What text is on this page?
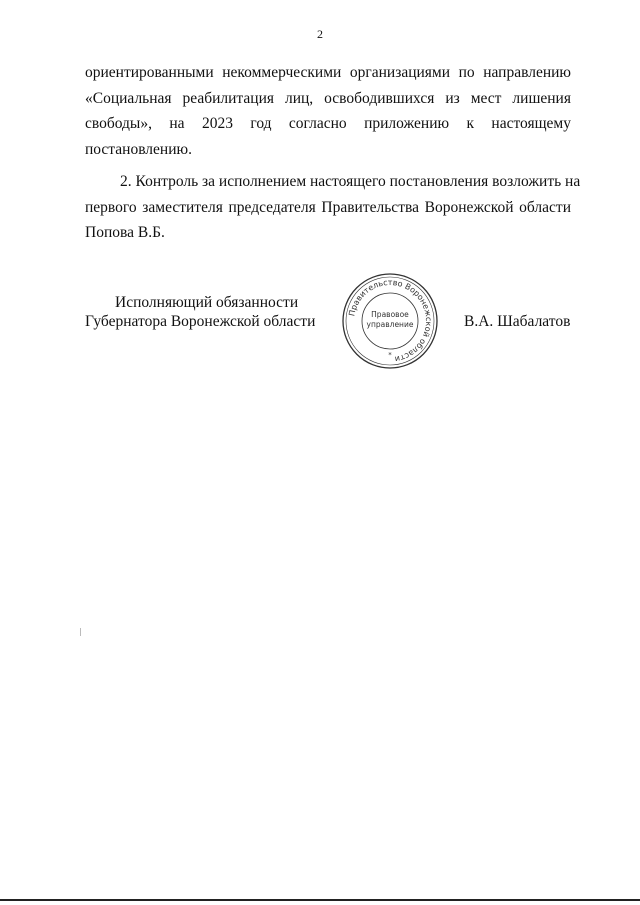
2
ориентированными некоммерческими организациями по направлению
«Социальная реабилитация лиц, освободившихся из мест лишения
свободы», на 2023 год согласно приложению к настоящему
постановлению.
2. Контроль за исполнением настоящего постановления возложить на
первого заместителя председателя Правительства Воронежской области
Попова В.Б.
Исполняющий обязанности
Губернатора Воронежской области	Правительство Воронежской области
Правовое
управление
*
В.А. Шабалатов
